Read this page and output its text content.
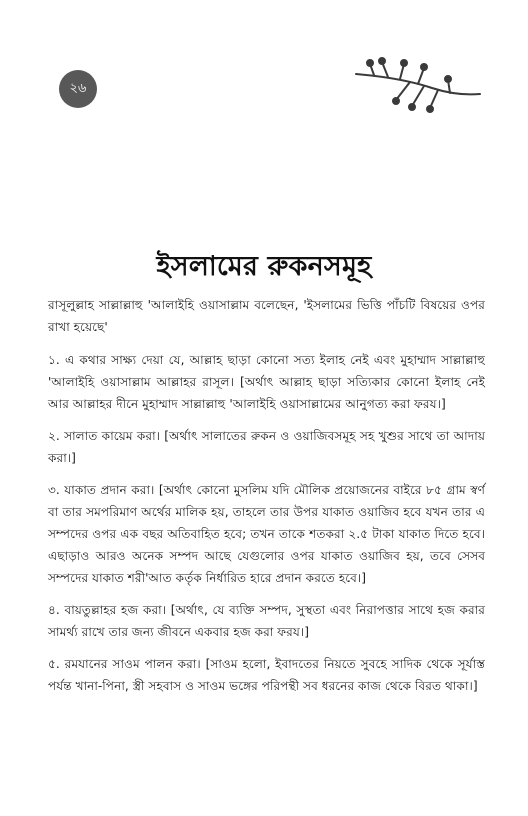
২৬
ইসলামের রুকনসমূহ

রাসূলুল্লাহ সাল্লাল্লাহু 'আলাইহি ওয়াসাল্লাম বলেছেন, 'ইসলামের ভিত্তি পাঁচটি বিষয়ের ওপর রাখা হয়েছে'

১. এ কথার সাক্ষ্য দেয়া যে, আল্লাহ ছাড়া কোনো সত্য ইলাহ নেই এবং মুহাম্মাদ সাল্লাল্লাহু 'আলাইহি ওয়াসাল্লাম আল্লাহর রাসূল। [অর্থাৎ আল্লাহ ছাড়া সত্যিকার কোনো ইলাহ নেই আর আল্লাহর দীনে মুহাম্মাদ সাল্লাল্লাহু 'আলাইহি ওয়াসাল্লামের আনুগত্য করা ফরয।]

২. সালাত কায়েম করা। [অর্থাৎ সালাতের রুকন ও ওয়াজিবসমূহ সহ খুশুর সাথে তা আদায় করা।]

৩. যাকাত প্রদান করা। [অর্থাৎ কোনো মুসলিম যদি মৌলিক প্রয়োজনের বাইরে ৮৫ গ্রাম স্বর্ণ বা তার সমপরিমাণ অর্থের মালিক হয়, তাহলে তার উপর যাকাত ওয়াজিব হবে যখন তার এ সম্পদের ওপর এক বছর অতিবাহিত হবে; তখন তাকে শতকরা ২.৫ টাকা যাকাত দিতে হবে। এছাড়াও আরও অনেক সম্পদ আছে যেগুলোর ওপর যাকাত ওয়াজিব হয়, তবে সেসব সম্পদের যাকাত শরী'আত কর্তৃক নির্ধারিত হারে প্রদান করতে হবে।]

৪. বায়তুল্লাহর হজ করা। [অর্থাৎ, যে ব্যক্তি সম্পদ, সুস্থতা এবং নিরাপত্তার সাথে হজ করার সামর্থ্য রাখে তার জন্য জীবনে একবার হজ করা ফরয।]

৫. রমযানের সাওম পালন করা। [সাওম হলো, ইবাদতের নিয়তে সুবহে সাদিক থেকে সূর্যাস্ত পর্যন্ত খানা-পিনা, স্ত্রী সহবাস ও সাওম ভঙ্গের পরিপন্থী সব ধরনের কাজ থেকে বিরত থাকা।]
